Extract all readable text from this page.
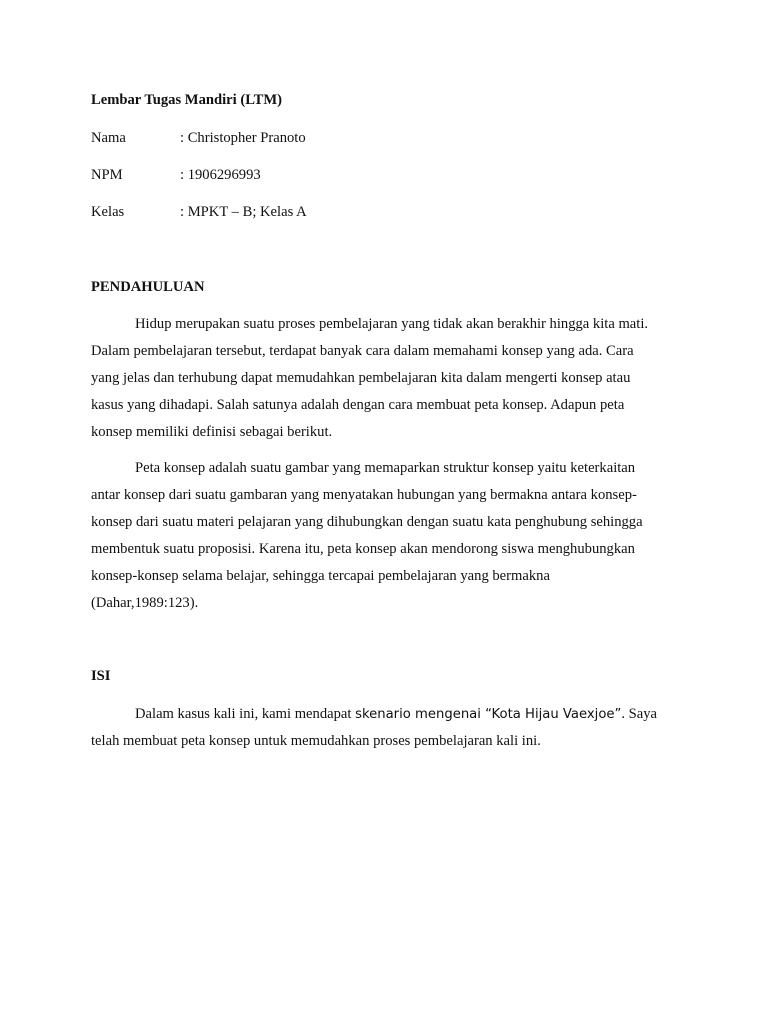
Lembar Tugas Mandiri (LTM)
Nama	: Christopher Pranoto
NPM	: 1906296993
Kelas	: MPKT – B; Kelas A
PENDAHULUAN
Hidup merupakan suatu proses pembelajaran yang tidak akan berakhir hingga kita mati.
Dalam pembelajaran tersebut, terdapat banyak cara dalam memahami konsep yang ada. Cara
yang jelas dan terhubung dapat memudahkan pembelajaran kita dalam mengerti konsep atau
kasus yang dihadapi. Salah satunya adalah dengan cara membuat peta konsep. Adapun peta
konsep memiliki definisi sebagai berikut.
Peta konsep adalah suatu gambar yang memaparkan struktur konsep yaitu keterkaitan
antar konsep dari suatu gambaran yang menyatakan hubungan yang bermakna antara konsep-
konsep dari suatu materi pelajaran yang dihubungkan dengan suatu kata penghubung sehingga
membentuk suatu proposisi. Karena itu, peta konsep akan mendorong siswa menghubungkan
konsep-konsep selama belajar, sehingga tercapai pembelajaran yang bermakna
(Dahar,1989:123).
ISI
Dalam kasus kali ini, kami mendapat skenario mengenai “Kota Hijau Vaexjoe”. Saya
telah membuat peta konsep untuk memudahkan proses pembelajaran kali ini.
